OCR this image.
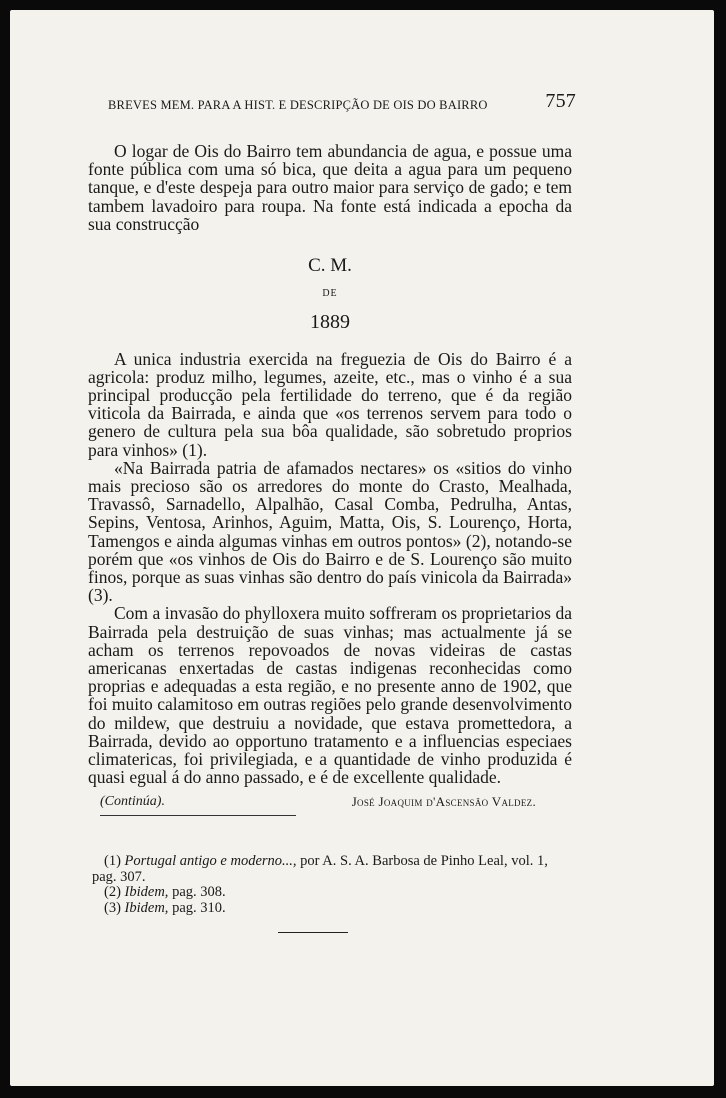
BREVES MEM. PARA A HIST. E DESCRIPÇÃO DE OIS DO BAIRRO	757

O logar de Ois do Bairro tem abundancia de agua, e possue uma fonte pública com uma só bica, que deita a agua para um pequeno tanque, e d'este despeja para outro maior para serviço de gado; e tem tambem lavadoiro para roupa. Na fonte está indicada a epocha da sua construcção

C. M.
DE
1889

A unica industria exercida na freguezia de Ois do Bairro é a agricola: produz milho, legumes, azeite, etc., mas o vinho é a sua principal producção pela fertilidade do terreno, que é da região viticola da Bairrada, e ainda que «os terrenos servem para todo o genero de cultura pela sua bôa qualidade, são sobretudo proprios para vinhos» (1).

«Na Bairrada patria de afamados nectares» os «sitios do vinho mais precioso são os arredores do monte do Crasto, Mealhada, Travassô, Sarnadello, Alpalhão, Casal Comba, Pedrulha, Antas, Sepins, Ventosa, Arinhos, Aguim, Matta, Ois, S. Lourenço, Horta, Tamengos e ainda algumas vinhas em outros pontos» (2), notando-se porém que «os vinhos de Ois do Bairro e de S. Lourenço são muito finos, porque as suas vinhas são dentro do país vinicola da Bairrada» (3).

Com a invasão do phylloxera muito soffreram os proprietarios da Bairrada pela destruição de suas vinhas; mas actualmente já se acham os terrenos repovoados de novas videiras de castas americanas enxertadas de castas indigenas reconhecidas como proprias e adequadas a esta região, e no presente anno de 1902, que foi muito calamitoso em outras regiões pelo grande desenvolvimento do mildew, que destruiu a novidade, que estava promettedora, a Bairrada, devido ao opportuno tratamento e a influencias especiaes climatericas, foi privilegiada, e a quantidade de vinho produzida é quasi egual á do anno passado, e é de excellente qualidade.

(Continúa).	José Joaquim d'Ascensão Valdez.

(1) Portugal antigo e moderno..., por A. S. A. Barbosa de Pinho Leal, vol. 1, pag. 307.

(2) Ibidem, pag. 308.

(3) Ibidem, pag. 310.
